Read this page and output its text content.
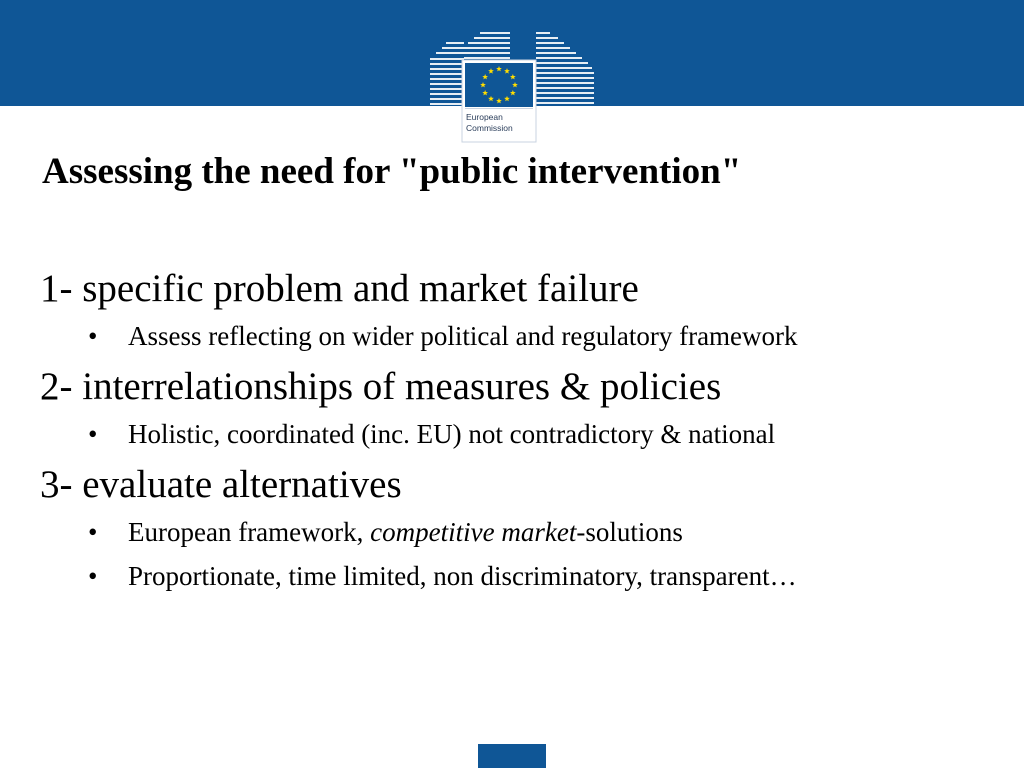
European
Commission
Assessing the need for "public intervention"

1- specific problem and market failure

• Assess reflecting on wider political and regulatory framework

2- interrelationships of measures & policies

• Holistic, coordinated (inc. EU) not contradictory & national

3- evaluate alternatives

• European framework, competitive market-solutions
• Proportionate, time limited, non discriminatory, transparent…
